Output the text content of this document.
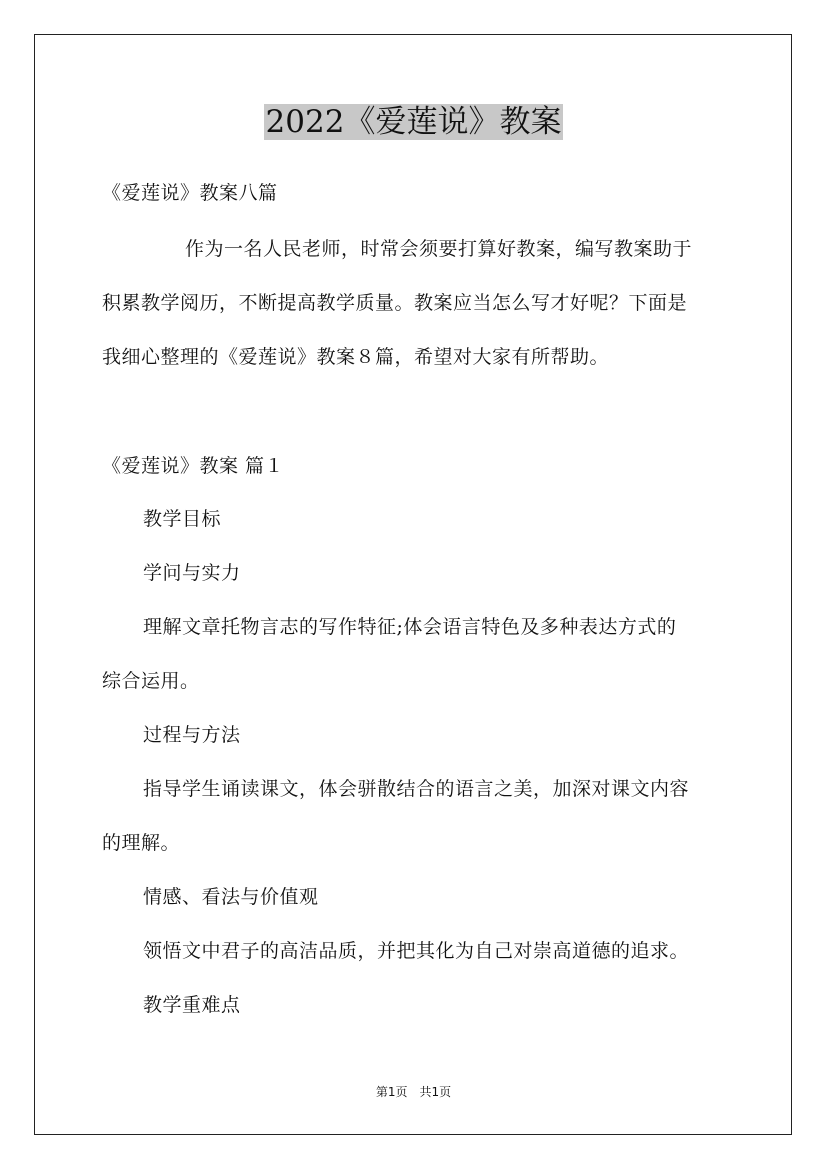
2022《爱莲说》教案
《爱莲说》教案八篇
作为一名人民老师，时常会须要打算好教案，编写教案助于
积累教学阅历，不断提高教学质量。教案应当怎么写才好呢？下面是
我细心整理的《爱莲说》教案８篇，希望对大家有所帮助。
《爱莲说》教案 篇１
教学目标
学问与实力
理解文章托物言志的写作特征;体会语言特色及多种表达方式的
综合运用。
过程与方法
指导学生诵读课文，体会骈散结合的语言之美，加深对课文内容
的理解。
情感、看法与价值观
领悟文中君子的高洁品质，并把其化为自己对崇高道德的追求。
教学重难点
第1页　共1页
